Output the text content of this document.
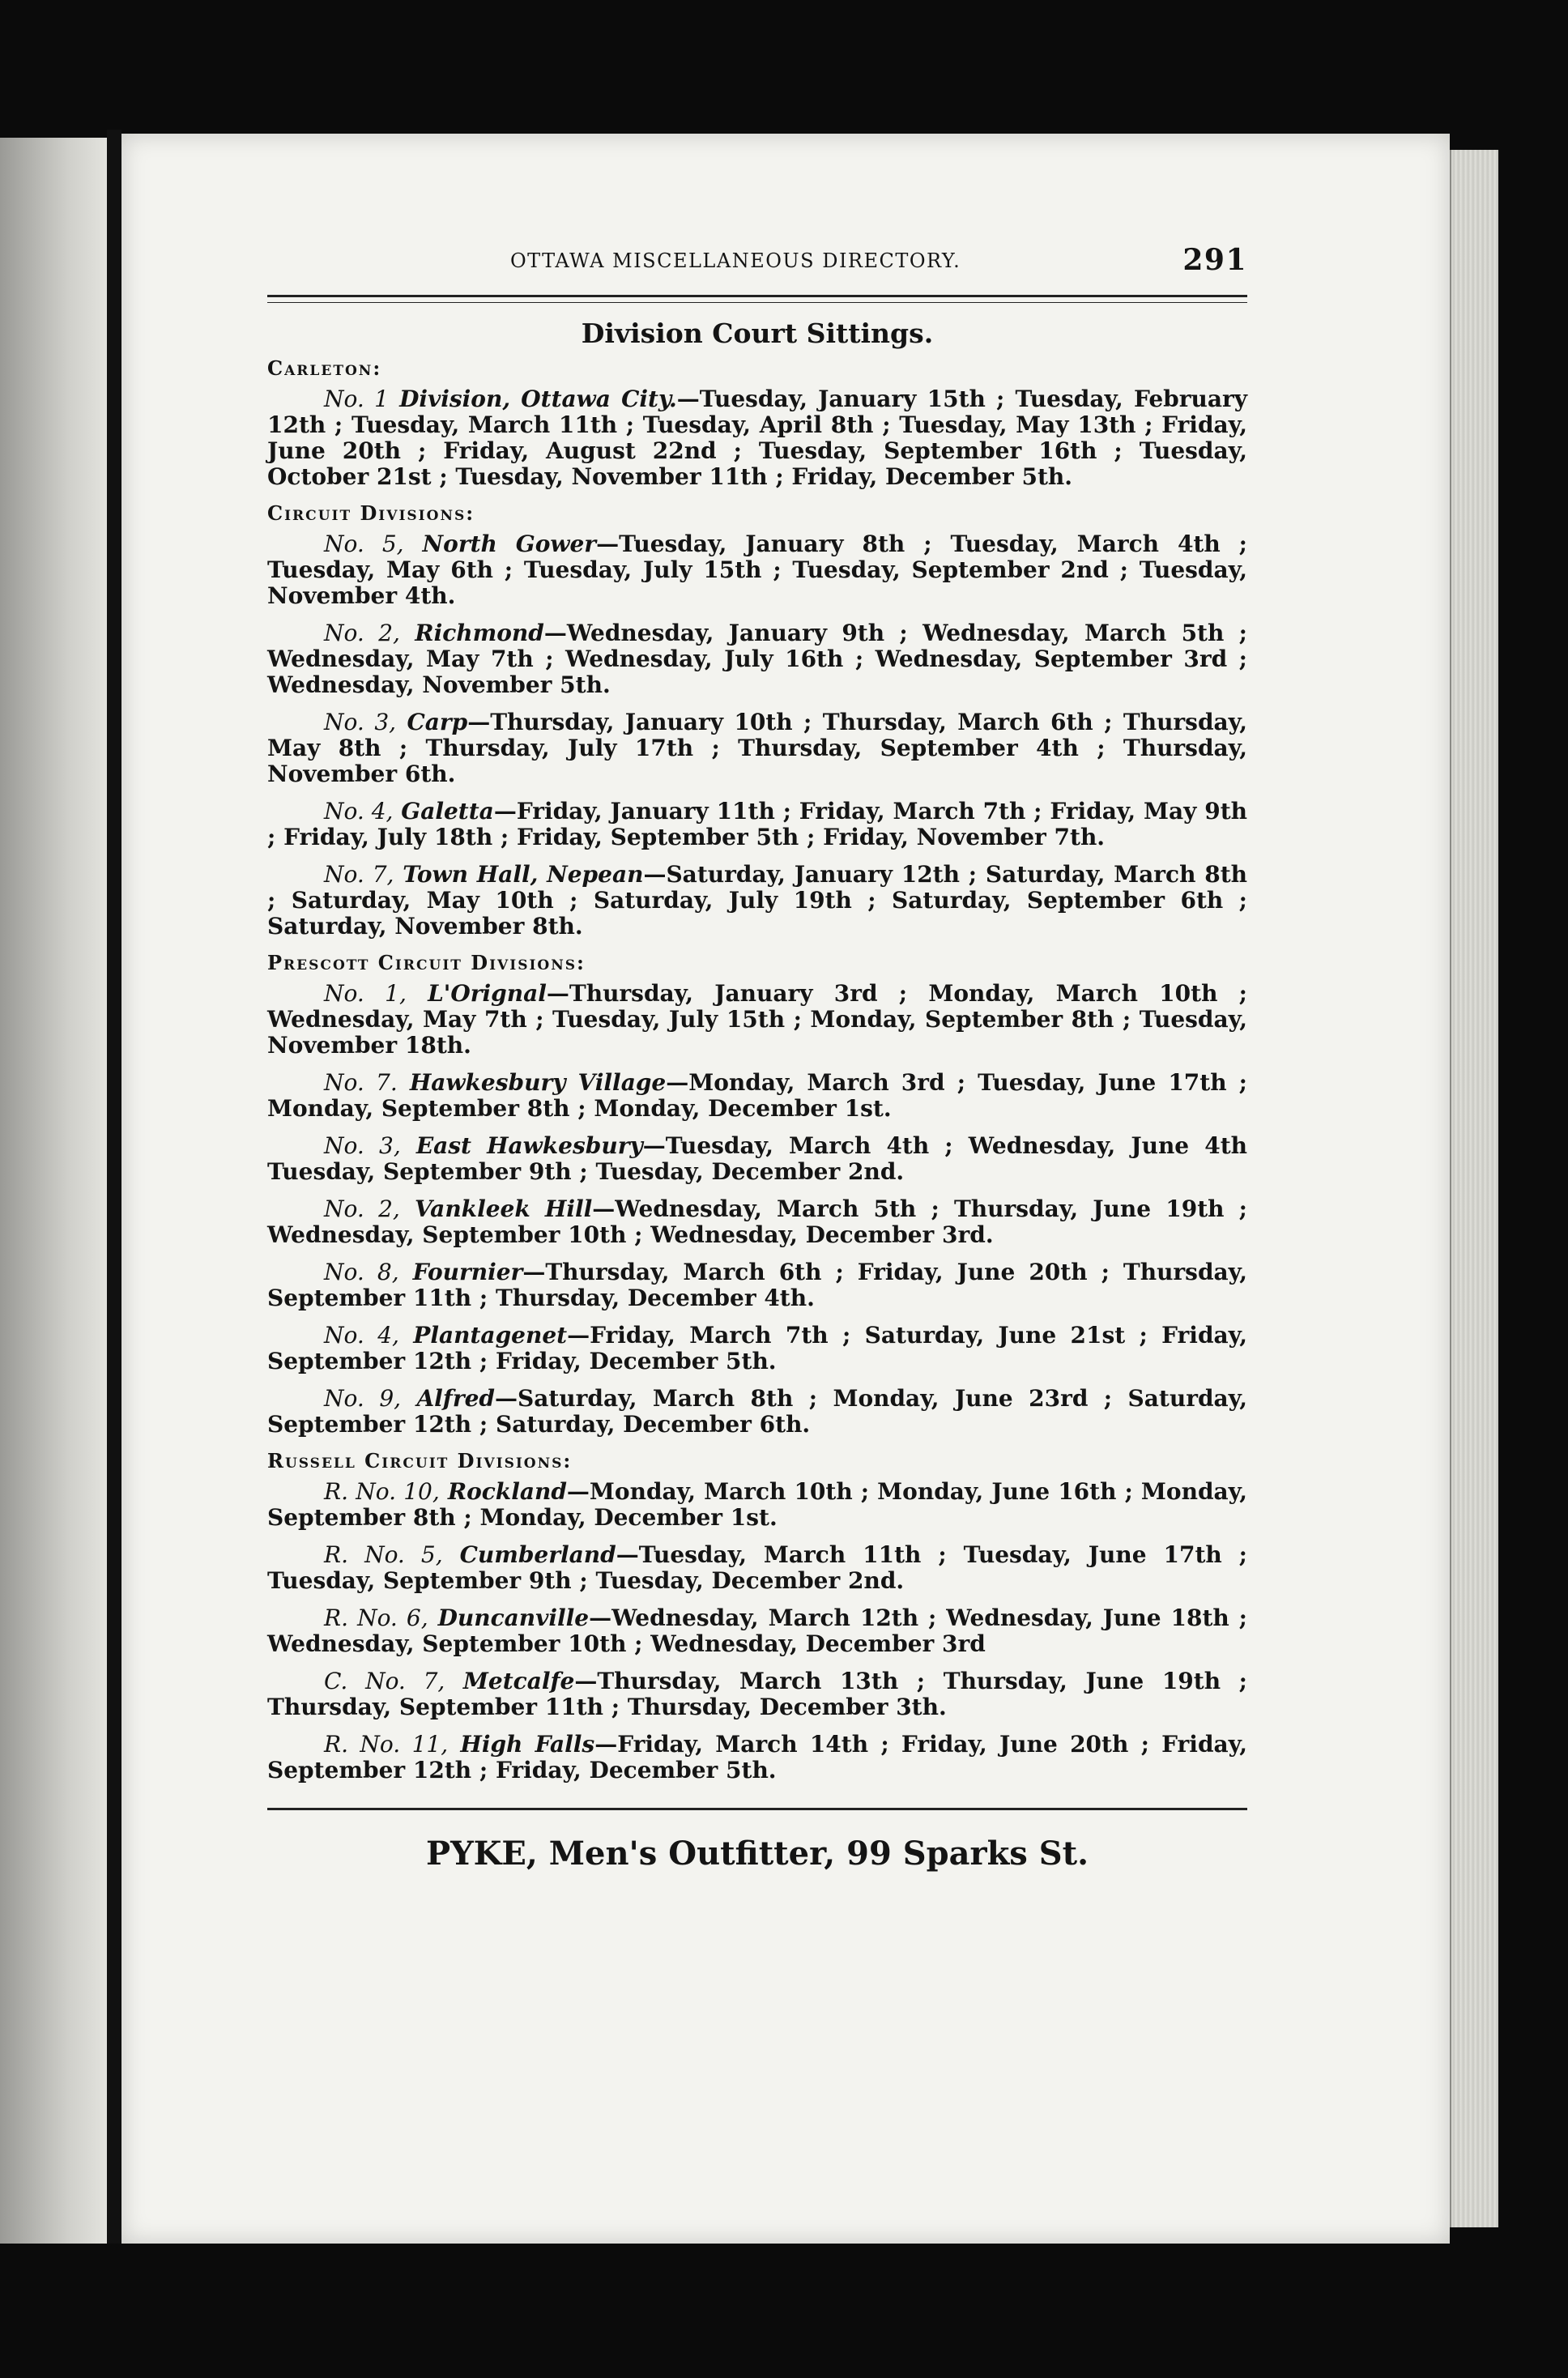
OTTAWA MISCELLANEOUS DIRECTORY.	291
Division Court Sittings.
Carleton:
No. 1 Division, Ottawa City.—Tuesday, January 15th ; Tuesday, February 12th ; Tuesday, March 11th ; Tuesday, April 8th ; Tuesday, May 13th ; Friday, June 20th ; Friday, August 22nd ; Tuesday, September 16th ; Tuesday, October 21st ; Tuesday, November 11th ; Friday, December 5th.
Circuit Divisions:
No. 5, North Gower—Tuesday, January 8th ; Tuesday, March 4th ; Tuesday, May 6th ; Tuesday, July 15th ; Tuesday, September 2nd ; Tuesday, November 4th.
No. 2, Richmond—Wednesday, January 9th ; Wednesday, March 5th ; Wednesday, May 7th ; Wednesday, July 16th ; Wednesday, September 3rd ; Wednesday, November 5th.
No. 3, Carp—Thursday, January 10th ; Thursday, March 6th ; Thursday, May 8th ; Thursday, July 17th ; Thursday, September 4th ; Thursday, November 6th.
No. 4, Galetta—Friday, January 11th ; Friday, March 7th ; Friday, May 9th ; Friday, July 18th ; Friday, September 5th ; Friday, November 7th.
No. 7, Town Hall, Nepean—Saturday, January 12th ; Saturday, March 8th ; Saturday, May 10th ; Saturday, July 19th ; Saturday, September 6th ; Saturday, November 8th.
Prescott Circuit Divisions:
No. 1, L'Orignal—Thursday, January 3rd ; Monday, March 10th ; Wednesday, May 7th ; Tuesday, July 15th ; Monday, September 8th ; Tuesday, November 18th.
No. 7. Hawkesbury Village—Monday, March 3rd ; Tuesday, June 17th ; Monday, September 8th ; Monday, December 1st.
No. 3, East Hawkesbury—Tuesday, March 4th ; Wednesday, June 4th Tuesday, September 9th ; Tuesday, December 2nd.
No. 2, Vankleek Hill—Wednesday, March 5th ; Thursday, June 19th ; Wednesday, September 10th ; Wednesday, December 3rd.
No. 8, Fournier—Thursday, March 6th ; Friday, June 20th ; Thursday, September 11th ; Thursday, December 4th.
No. 4, Plantagenet—Friday, March 7th ; Saturday, June 21st ; Friday, September 12th ; Friday, December 5th.
No. 9, Alfred—Saturday, March 8th ; Monday, June 23rd ; Saturday, September 12th ; Saturday, December 6th.
Russell Circuit Divisions:
R. No. 10, Rockland—Monday, March 10th ; Monday, June 16th ; Monday, September 8th ; Monday, December 1st.
R. No. 5, Cumberland—Tuesday, March 11th ; Tuesday, June 17th ; Tuesday, September 9th ; Tuesday, December 2nd.
R. No. 6, Duncanville—Wednesday, March 12th ; Wednesday, June 18th ; Wednesday, September 10th ; Wednesday, December 3rd
C. No. 7, Metcalfe—Thursday, March 13th ; Thursday, June 19th ; Thursday, September 11th ; Thursday, December 3th.
R. No. 11, High Falls—Friday, March 14th ; Friday, June 20th ; Friday, September 12th ; Friday, December 5th.
PYKE, Men's Outfitter, 99 Sparks St.
